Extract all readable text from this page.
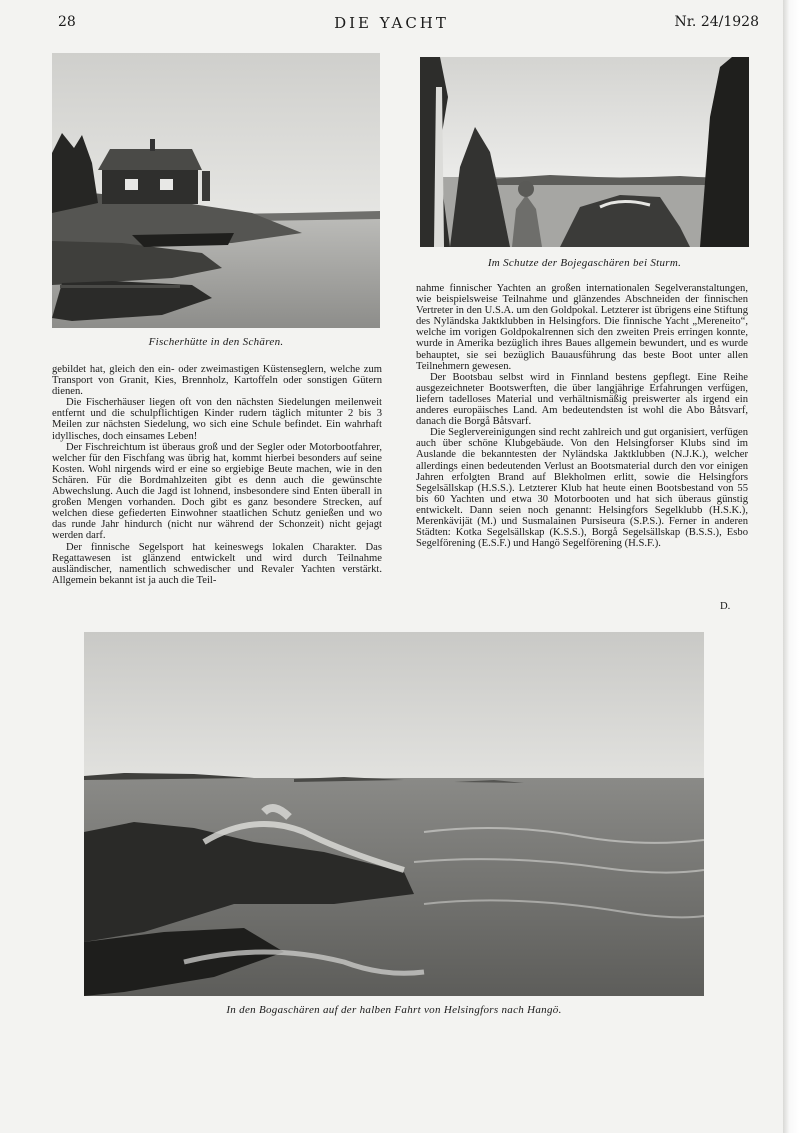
28	DIE YACHT	Nr. 24/1928
Fischerhütte in den Schären.
Im Schutze der Bojegaschären bei Sturm.

gebildet hat, gleich den ein- oder zweimastigen Küstenseglern, welche zum Transport von Granit, Kies, Brennholz, Kartoffeln oder sonstigen Gütern dienen.

Die Fischerhäuser liegen oft von den nächsten Siedelungen meilenweit entfernt und die schulpflichtigen Kinder rudern täglich mitunter 2 bis 3 Meilen zur nächsten Siedelung, wo sich eine Schule befindet. Ein wahrhaft idyllisches, doch einsames Leben!

Der Fischreichtum ist überaus groß und der Segler oder Motorbootfahrer, welcher für den Fischfang was übrig hat, kommt hierbei besonders auf seine Kosten. Wohl nirgends wird er eine so ergiebige Beute machen, wie in den Schären. Für die Bordmahlzeiten gibt es denn auch die gewünschte Abwechslung. Auch die Jagd ist lohnend, insbesondere sind Enten überall in großen Mengen vorhanden. Doch gibt es ganz besondere Strecken, auf welchen diese gefiederten Einwohner staatlichen Schutz genießen und wo das runde Jahr hindurch (nicht nur während der Schonzeit) nicht gejagt werden darf.

Der finnische Segelsport hat keineswegs lokalen Charakter. Das Regattawesen ist glänzend entwickelt und wird durch Teilnahme ausländischer, namentlich schwedischer und Revaler Yachten verstärkt. Allgemein bekannt ist ja auch die Teil-

nahme finnischer Yachten an großen internationalen Segelveranstaltungen, wie beispielsweise Teilnahme und glänzendes Abschneiden der finnischen Vertreter in den U.S.A. um den Goldpokal. Letzterer ist übrigens eine Stiftung des Nyländska Jaktklubben in Helsingfors. Die finnische Yacht „Mereneito“, welche im vorigen Goldpokalrennen sich den zweiten Preis erringen konnte, wurde in Amerika bezüglich ihres Baues allgemein bewundert, und es wurde behauptet, sie sei bezüglich Bauausführung das beste Boot unter allen Teilnehmern gewesen.

Der Bootsbau selbst wird in Finnland bestens gepflegt. Eine Reihe ausgezeichneter Bootswerften, die über langjährige Erfahrungen verfügen, liefern tadelloses Material und verhältnismäßig preiswerter als irgend ein anderes europäisches Land. Am bedeutendsten ist wohl die Abo Båtsvarf, danach die Borgå Båtsvarf.

Die Seglervereinigungen sind recht zahlreich und gut organisiert, verfügen auch über schöne Klubgebäude. Von den Helsingforser Klubs sind im Auslande die bekanntesten der Nyländska Jaktklubben (N.J.K.), welcher allerdings einen bedeutenden Verlust an Bootsmaterial durch den vor einigen Jahren erfolgten Brand auf Blekholmen erlitt, sowie die Helsingfors Segelsällskap (H.S.S.). Letzterer Klub hat heute einen Bootsbestand von 55 bis 60 Yachten und etwa 30 Motorbooten und hat sich überaus günstig entwickelt. Dann seien noch genannt: Helsingfors Segelklubb (H.S.K.), Merenkävijät (M.) und Susmalainen Pursiseura (S.P.S.). Ferner in anderen Städten: Kotka Segelsällskap (K.S.S.), Borgå Segelsällskap (B.S.S.), Esbo Segelförening (E.S.F.) und Hangö Segelförening (H.S.F.).

D.
In den Bogaschären auf der halben Fahrt von Helsingfors nach Hangö.
